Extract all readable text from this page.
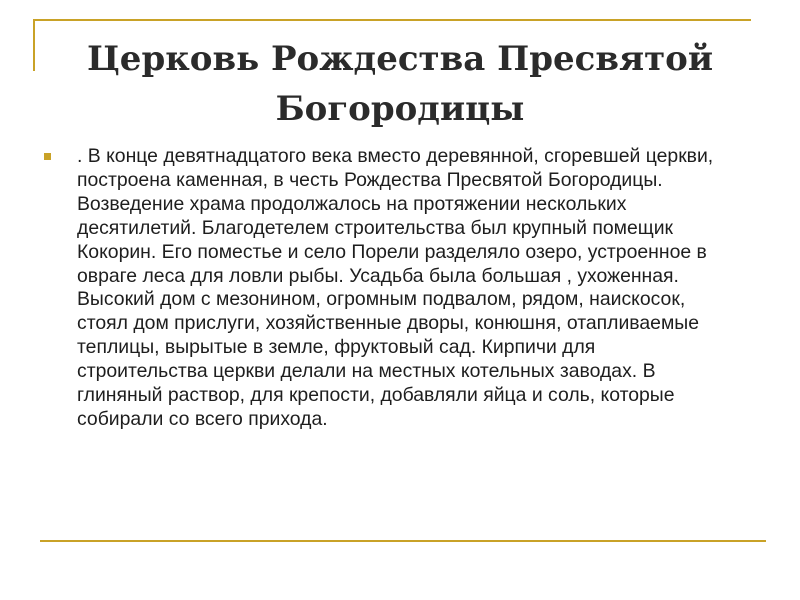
Церковь Рождества Пресвятой Богородицы

. В конце девятнадцатого века вместо деревянной, сгоревшей церкви, построена каменная, в честь Рождества Пресвятой Богородицы. Возведение храма продолжалось на протяжении нескольких десятилетий. Благодетелем строительства был крупный помещик Кокорин. Его поместье и село Порели разделяло озеро, устроенное в овраге леса для ловли рыбы. Усадьба была большая , ухоженная. Высокий дом с мезонином, огромным подвалом, рядом, наискосок, стоял дом прислуги, хозяйственные дворы, конюшня, отапливаемые теплицы, вырытые в земле, фруктовый сад. Кирпичи для строительства церкви делали на местных котельных заводах. В глиняный раствор, для крепости, добавляли яйца и соль, которые собирали со всего прихода.
